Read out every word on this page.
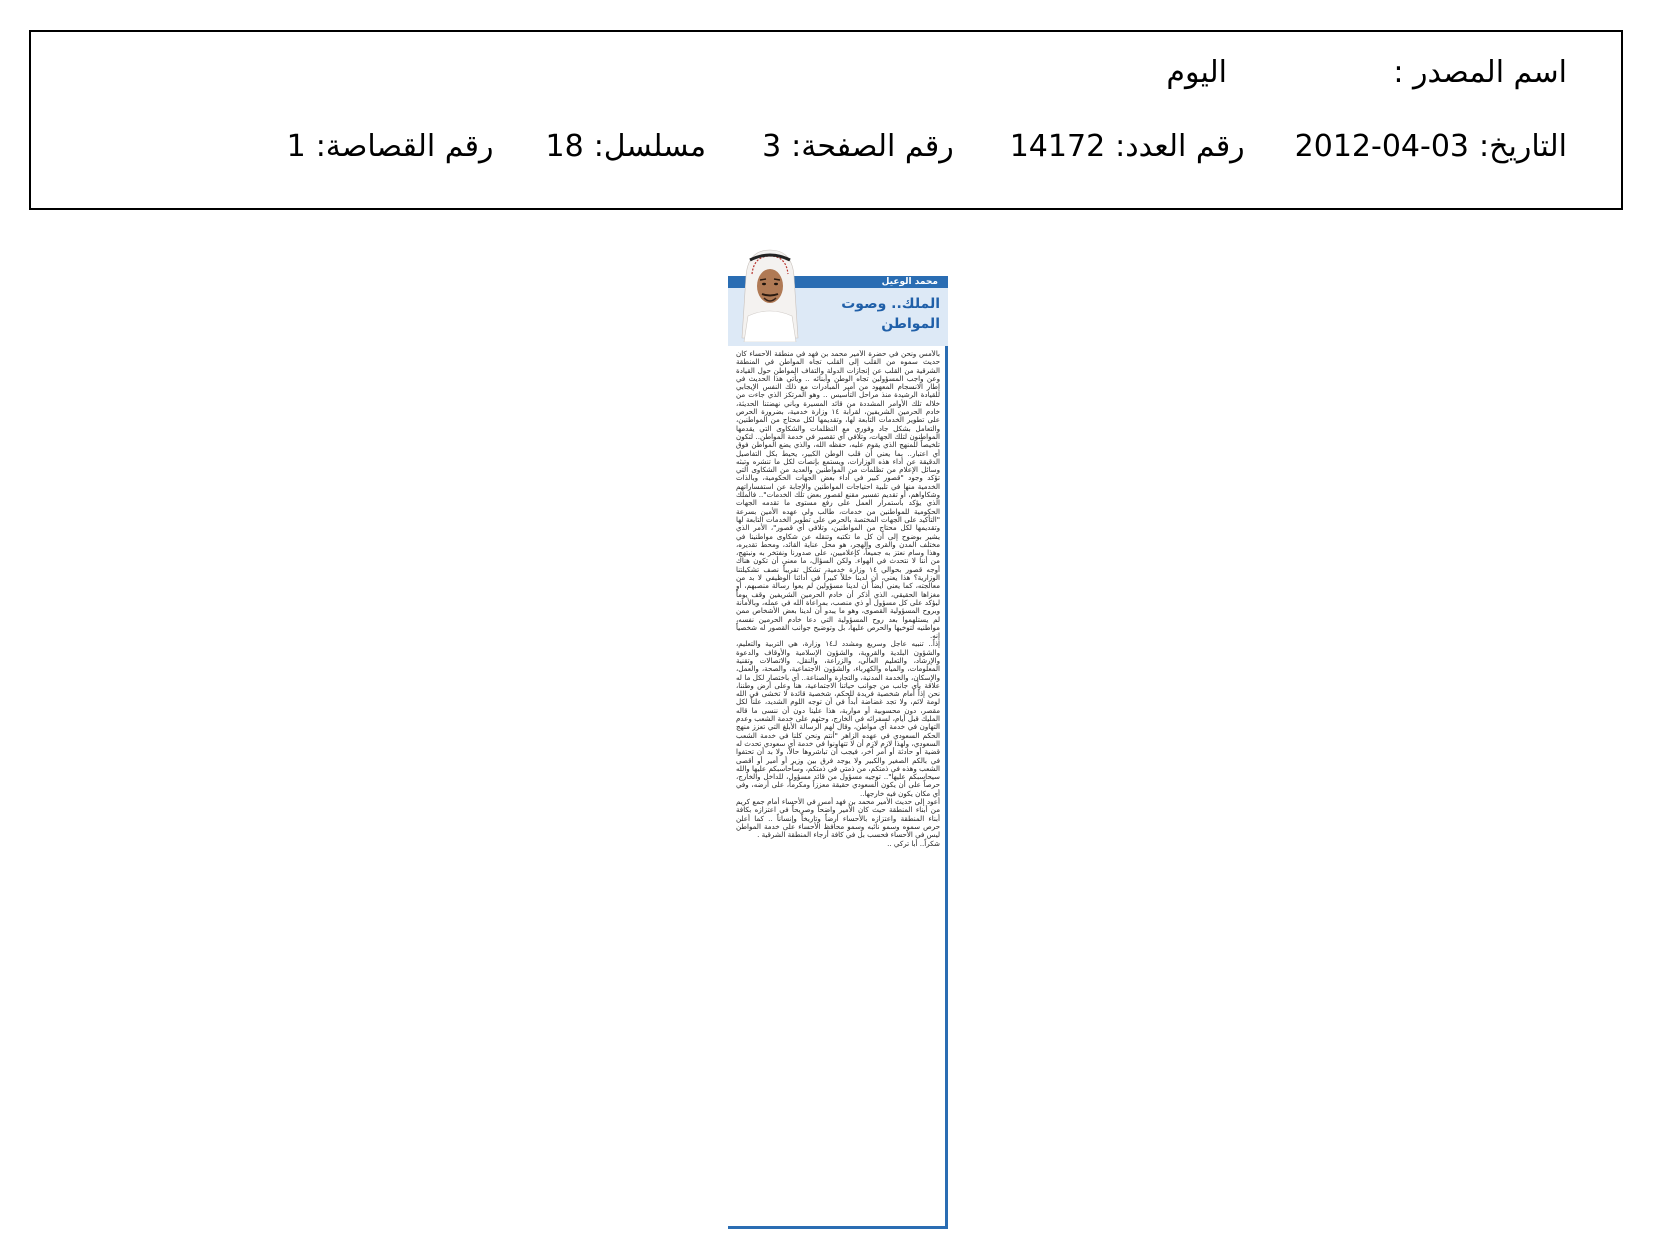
اسم المصدر :
اليوم
التاريخ:
2012-04-03
رقم العدد:
14172
رقم الصفحة:
3
مسلسل:
18
رقم القصاصة:
1
محمد الوعيل
الملك.. وصوت
المواطن

بالأمس ونحن في حضرة الأمير محمد بن فهد في منطقة الأحساء كان حديث سموه من القلب إلى القلب تجاه المواطن في المنطقة الشرقية من القلب عن إنجازات الدولة والتفاف المواطن حول القيادة وعن واجب المسؤولين تجاه الوطن وأبنائه .. ويأتي هذا الحديث في إطار الانسجام المعهود من أمير المبادرات مع ذلك النفس الإيجابي للقيادة الرشيدة منذ مراحل التأسيس .. وهو المرتكز الذي جاءت من خلاله تلك الأوامر المشددة من قائد المسيرة وباني نهضتنا الحديثة، خادم الحرمين الشريفين، لقرابة ١٤ وزارة خدمية، بضرورة الحرص على تطوير الخدمات التابعة لها، وتقديمها لكل محتاج من المواطنين، والتعامل بشكل جاد وفوري مع التظلمات والشكاوى التي يقدمها المواطنون لتلك الجهات، وتلافي أي تقصير في خدمة المواطن.. لتكون تلخيصاً للمنهج الذي يقوم عليه، حفظه الله، والذي يضع المواطن فوق أي اعتبار.. بما يعني أن قلب الوطن الكبير، يحيط بكل التفاصيل الدقيقة عن أداء هذه الوزارات، ويستمع بإنصات لكل ما تنشره وتبثه وسائل الإعلام من تظلمات من المواطنين والعديد من الشكاوى التي تؤكد وجود "قصور كبير في أداء بعض الجهات الحكومية، وبالذات الخدمية منها في تلبية احتياجات المواطنين والإجابة عن استفساراتهم وشكاواهم، أو تقديم تفسير مقنع لقصور بعض تلك الخدمات".. فالملك الذي يؤكد باستمرار العمل على رفع مستوى ما تقدمه الجهات الحكومية للمواطنين من خدمات، طالب ولي عهده الأمين بسرعة "التأكيد على الجهات المختصة بالحرص على تطوير الخدمات التابعة لها وتقديمها لكل محتاج من المواطنين، وتلافي أي قصور"، الأمر الذي يشير بوضوح إلى أن كل ما تكتبه وتنقله عن شكاوى مواطنينا في مختلف المدن والقرى والهجر، هو محل عناية القائد، ومحط تقديره، وهذا وسام نعتز به جميعاً، كإعلاميين، على صدورنا ونفتخر به ونبتهج، من أننا لا نتحدث في الهواء. ولكن السؤال، ما معنى أن تكون هناك أوجه قصور بحوالي ١٤ وزارة خدمية، تشكل تقريباً نصف تشكيلتنا الوزارية؟ هذا يعني، أن لدينا خللاً كبيراً في أدائنا الوظيفي لا بد من معالجته، كما يعني أيضاً أن لدينا مسؤولين لم يعوا رسالة منصبهم، أو مغزاها الحقيقي، الذي أذكر أن خادم الحرمين الشريفين وقف يوماً ليؤكد على كل مسؤول أو ذي منصب، بمراعاة الله في عمله، وبالأمانة وبروح المسؤولية القصوى، وهو ما يبدو أن لدينا بعض الأشخاص ممن لم يستلهموا بعد روح المسؤولية التي دعا خادم الحرمين نفسه، مواطنيه لتوخيها والحرص عليها، بل وتوضيح جوانب القصور له شخصياً إنه.

إذاً.. تنبيه عاجل وسريع ومشدد لـ١٤ وزارة، هي التربية والتعليم، والشؤون البلدية والقروية، والشؤون الإسلامية والأوقاف والدعوة والإرشاد، والتعليم العالي، والزراعة، والنقل، والاتصالات وتقنية المعلومات، والمياه والكهرباء، والشؤون الاجتماعية، والصحة، والعمل، والإسكان، والخدمة المدنية، والتجارة والصناعة.. أي باختصار لكل ما له علاقة بأي جانب من جوانب حياتنا الاجتماعية، هنا وعلى أرض وطننا، نحن إذاً أمام شخصية فريدة للحكم، شخصية قائدة لا تخشى في الله لومة لائم، ولا تجد غضاضة أبداً في أن توجه اللوم الشديد، علناً لكل مقصر، دون محسوبية أو مواربة، هذا علينا دون أن ننسى ما قاله المليك قبل أيام، لسفرائه في الخارج، وحثهم على خدمة الشعب وعدم التهاون في خدمة أي مواطن، وقال لهم الرسالة الأبلغ التي تعزز منهج الحكم السعودي في عهده الزاهر "أنتم ونحن كلنا في خدمة الشعب السعودي، ولهذا لازم لازم أن لا تتهاونوا في خدمة أي سعودي تحدث له قضية أو حادثة أو أمر آخر، فيجب أن تباشروها حالاً، ولا بد أن تحتفوا في بالكم الصغير والكبير ولا يوجد فرق بين وزير أو أمير أو أقصى الشعب وهذه في ذمتكم، من ذمتي في ذمتكم، وسأحاسبكم عليها والله سيحاسبكم عليها".. توجيه مسؤول من قائد مسؤول، للداخل والخارج، حرصاً على أن يكون السعودي حقيقة معززاً ومكرماً، على أرضه، وفي أي مكان يكون فيه خارجها..

أعود إلى حديث الأمير محمد بن فهد أمس في الأحساء أمام جمع كريم من أبناء المنطقة حيث كان الأمير واضحاً وصريحاً في اعتزازه بكافة أبناء المنطقة واعتزازه بالأحساء أرضاً وتاريخاً وإنساناً .. كما أعلن حرص سموه وسمو نائبه وسمو محافظ الأحساء على خدمة المواطن ليس في الأحساء فحسب بل في كافة أرجاء المنطقة الشرقية .

شكراً.. أبا تركي ..
